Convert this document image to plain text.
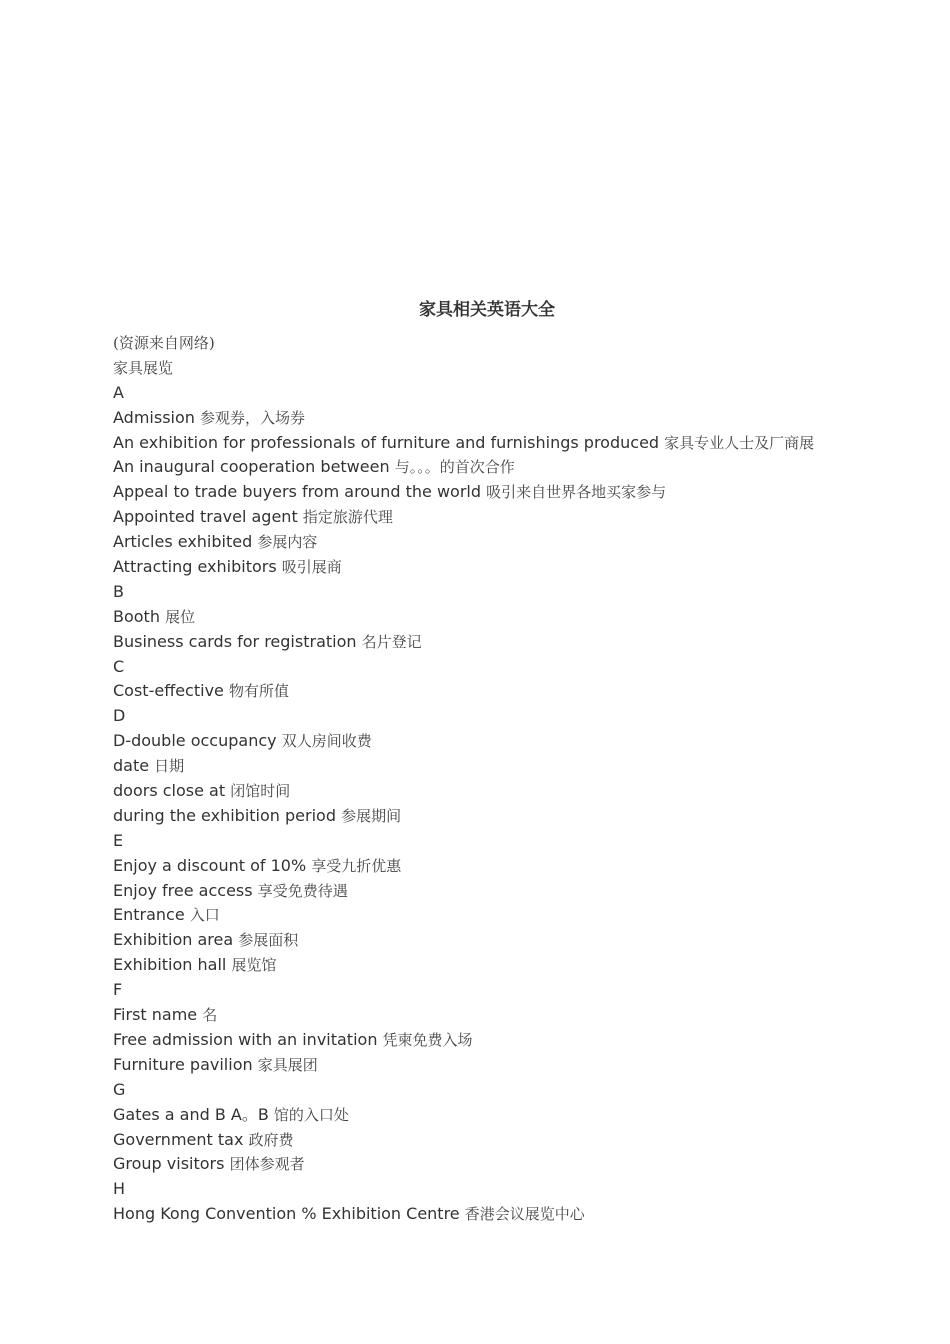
家具相关英语大全
(资源来自网络)
家具展览
A
Admission 参观券，入场券
An exhibition for professionals of furniture and furnishings produced 家具专业人士及厂商展
An inaugural cooperation between 与。。。的首次合作
Appeal to trade buyers from around the world 吸引来自世界各地买家参与
Appointed travel agent 指定旅游代理
Articles exhibited 参展内容
Attracting exhibitors 吸引展商
B
Booth 展位
Business cards for registration 名片登记
C
Cost-effective 物有所值
D
D-double occupancy 双人房间收费
date 日期
doors close at 闭馆时间
during the exhibition period 参展期间
E
Enjoy a discount of 10% 享受九折优惠
Enjoy free access 享受免费待遇
Entrance 入口
Exhibition area 参展面积
Exhibition hall 展览馆
F
First name 名
Free admission with an invitation 凭柬免费入场
Furniture pavilion 家具展团
G
Gates a and B A。B 馆的入口处
Government tax 政府费
Group visitors 团体参观者
H
Hong Kong Convention % Exhibition Centre 香港会议展览中心
